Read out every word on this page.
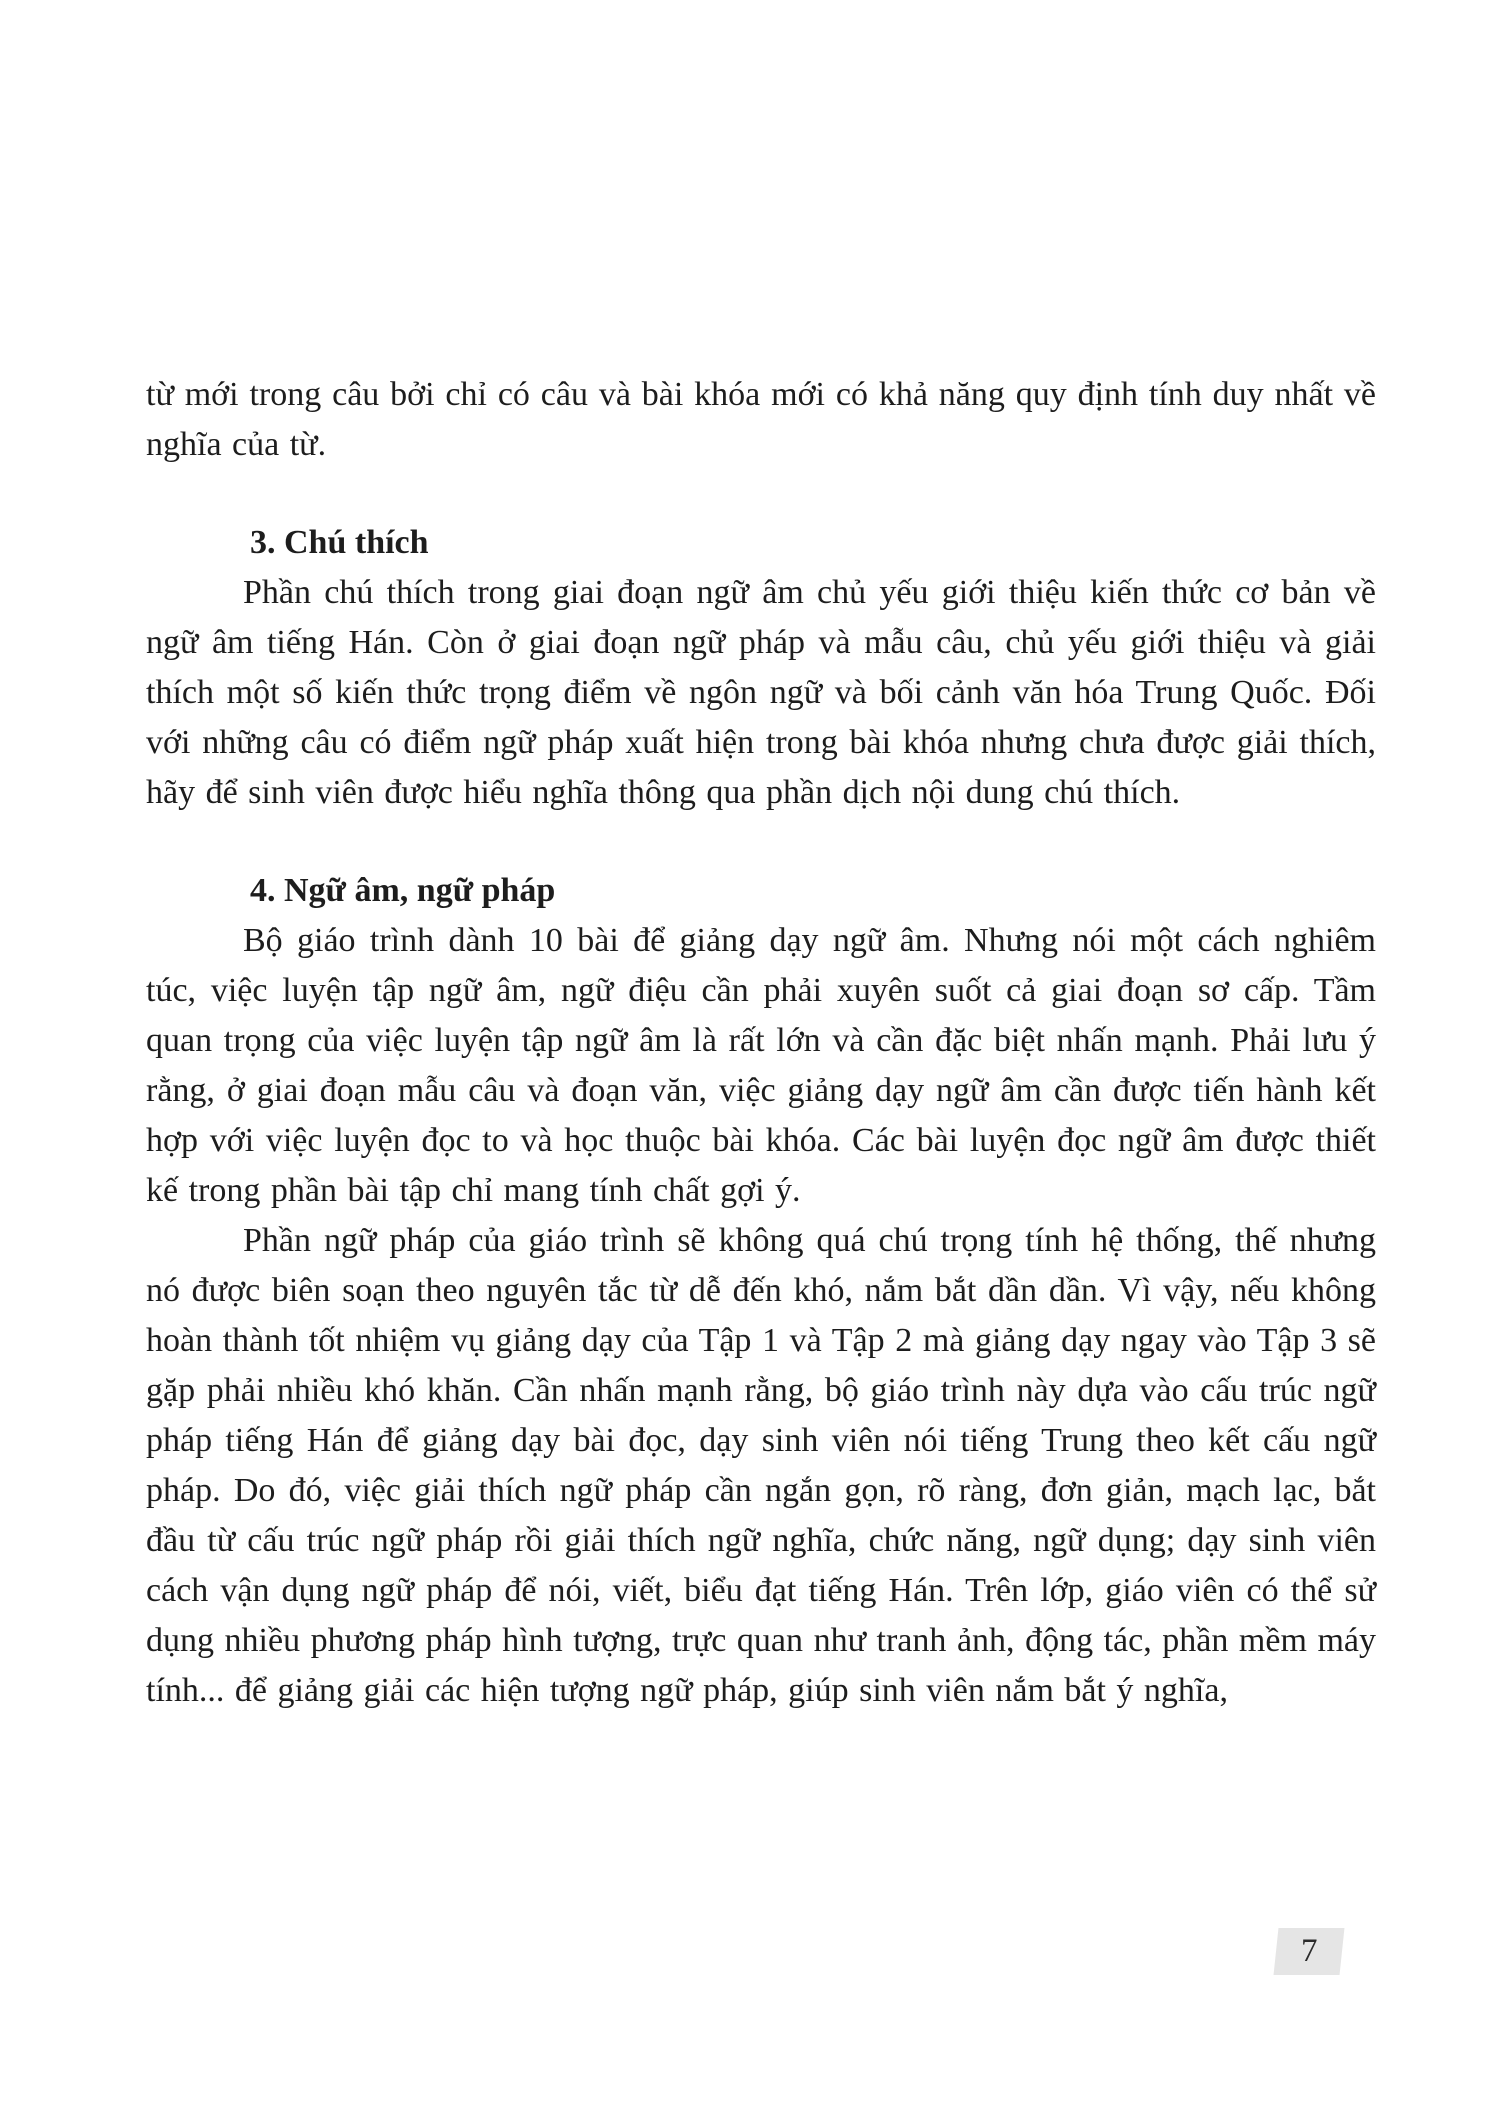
từ mới trong câu bởi chỉ có câu và bài khóa mới có khả năng quy định tính duy nhất về nghĩa của từ.

3. Chú thích

Phần chú thích trong giai đoạn ngữ âm chủ yếu giới thiệu kiến thức cơ bản về ngữ âm tiếng Hán. Còn ở giai đoạn ngữ pháp và mẫu câu, chủ yếu giới thiệu và giải thích một số kiến thức trọng điểm về ngôn ngữ và bối cảnh văn hóa Trung Quốc. Đối với những câu có điểm ngữ pháp xuất hiện trong bài khóa nhưng chưa được giải thích, hãy để sinh viên được hiểu nghĩa thông qua phần dịch nội dung chú thích.

4. Ngữ âm, ngữ pháp

Bộ giáo trình dành 10 bài để giảng dạy ngữ âm. Nhưng nói một cách nghiêm túc, việc luyện tập ngữ âm, ngữ điệu cần phải xuyên suốt cả giai đoạn sơ cấp. Tầm quan trọng của việc luyện tập ngữ âm là rất lớn và cần đặc biệt nhấn mạnh. Phải lưu ý rằng, ở giai đoạn mẫu câu và đoạn văn, việc giảng dạy ngữ âm cần được tiến hành kết hợp với việc luyện đọc to và học thuộc bài khóa. Các bài luyện đọc ngữ âm được thiết kế trong phần bài tập chỉ mang tính chất gợi ý.

Phần ngữ pháp của giáo trình sẽ không quá chú trọng tính hệ thống, thế nhưng nó được biên soạn theo nguyên tắc từ dễ đến khó, nắm bắt dần dần. Vì vậy, nếu không hoàn thành tốt nhiệm vụ giảng dạy của Tập 1 và Tập 2 mà giảng dạy ngay vào Tập 3 sẽ gặp phải nhiều khó khăn. Cần nhấn mạnh rằng, bộ giáo trình này dựa vào cấu trúc ngữ pháp tiếng Hán để giảng dạy bài đọc, dạy sinh viên nói tiếng Trung theo kết cấu ngữ pháp. Do đó, việc giải thích ngữ pháp cần ngắn gọn, rõ ràng, đơn giản, mạch lạc, bắt đầu từ cấu trúc ngữ pháp rồi giải thích ngữ nghĩa, chức năng, ngữ dụng; dạy sinh viên cách vận dụng ngữ pháp để nói, viết, biểu đạt tiếng Hán. Trên lớp, giáo viên có thể sử dụng nhiều phương pháp hình tượng, trực quan như tranh ảnh, động tác, phần mềm máy tính... để giảng giải các hiện tượng ngữ pháp, giúp sinh viên nắm bắt ý nghĩa,

7
